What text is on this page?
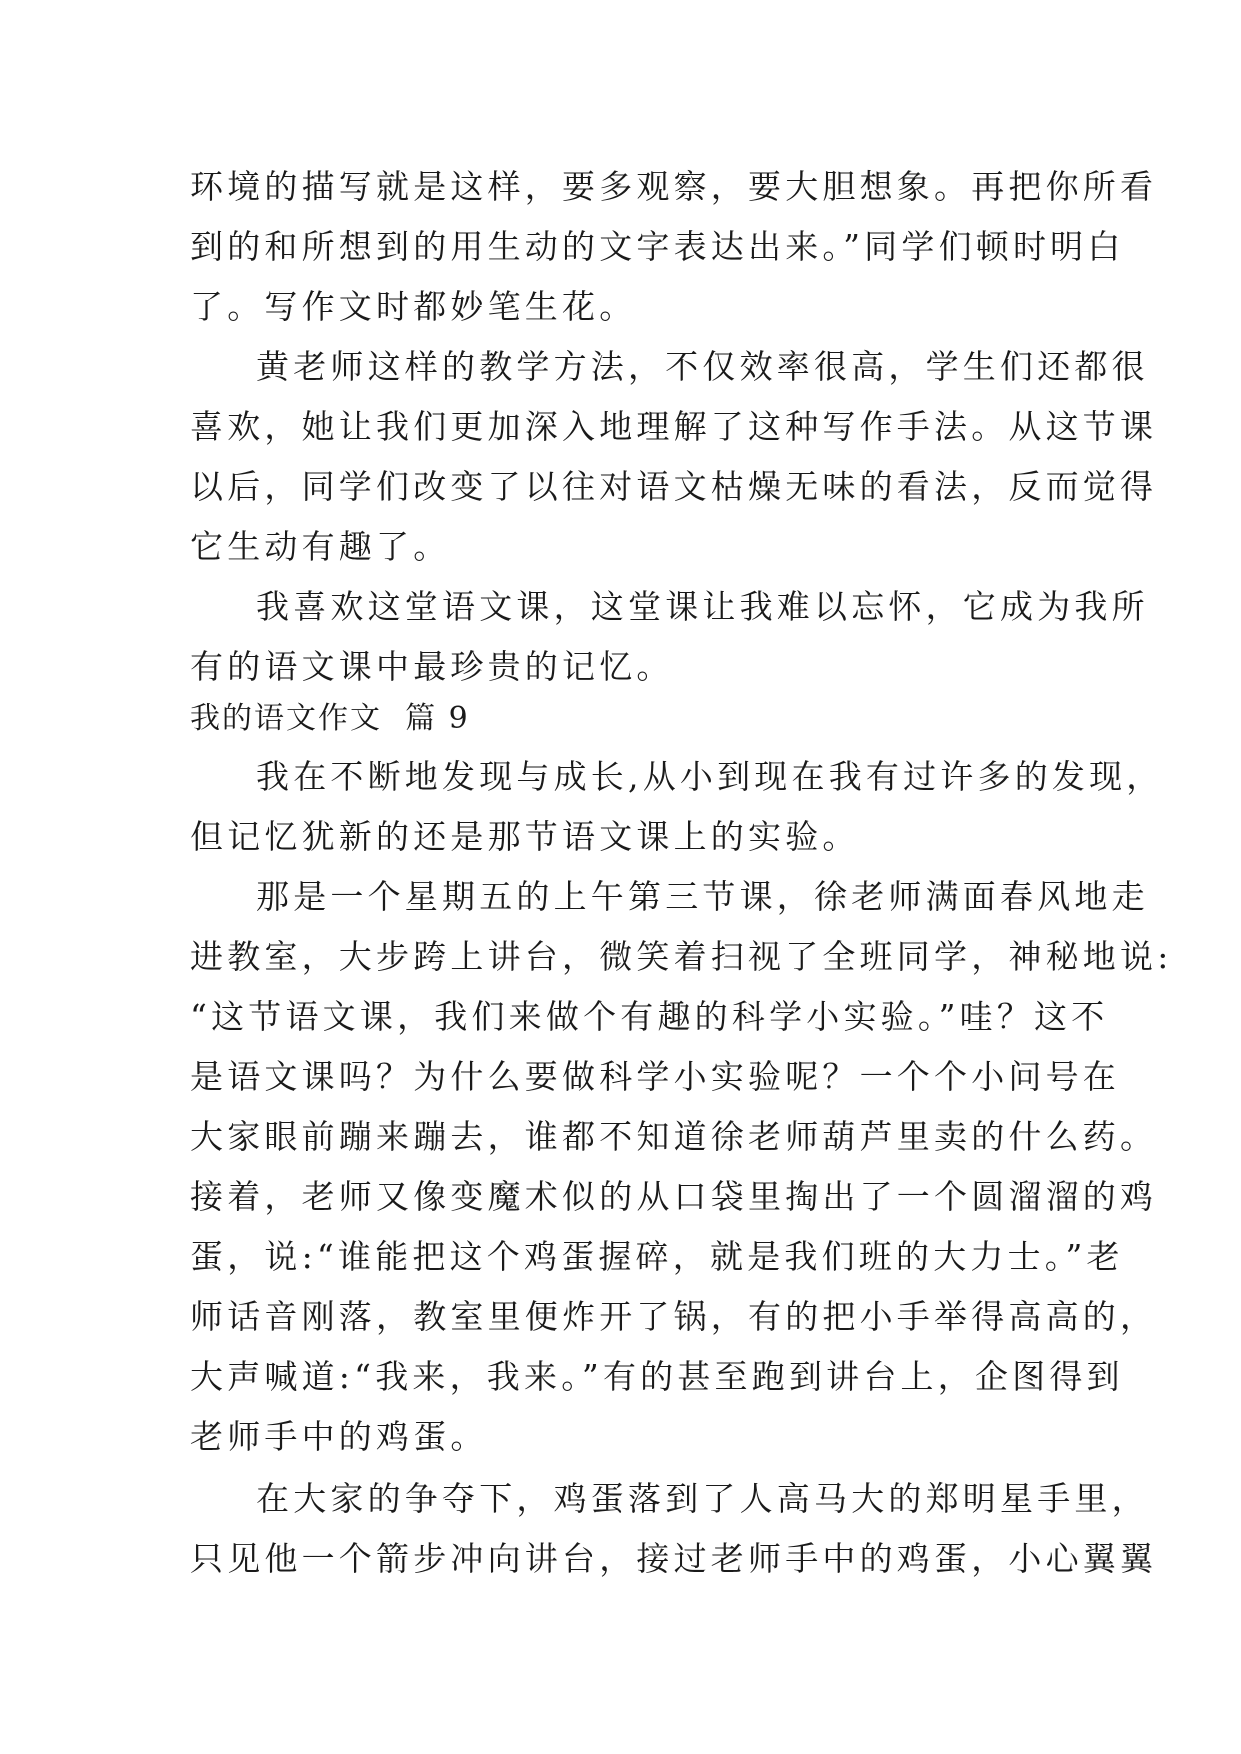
环境的描写就是这样，要多观察，要大胆想象。再把你所看

到的和所想到的用生动的文字表达出来。”同学们顿时明白

了。写作文时都妙笔生花。

黄老师这样的教学方法，不仅效率很高，学生们还都很

喜欢，她让我们更加深入地理解了这种写作手法。从这节课

以后，同学们改变了以往对语文枯燥无味的看法，反而觉得

它生动有趣了。

我喜欢这堂语文课，这堂课让我难以忘怀，它成为我所

有的语文课中最珍贵的记忆。

我的语文作文  篇 9

我在不断地发现与成长,从小到现在我有过许多的发现，

但记忆犹新的还是那节语文课上的实验。

那是一个星期五的上午第三节课，徐老师满面春风地走

进教室，大步跨上讲台，微笑着扫视了全班同学，神秘地说:

“这节语文课，我们来做个有趣的科学小实验。”哇？这不

是语文课吗？为什么要做科学小实验呢？一个个小问号在

大家眼前蹦来蹦去，谁都不知道徐老师葫芦里卖的什么药。

接着，老师又像变魔术似的从口袋里掏出了一个圆溜溜的鸡

蛋，说:“谁能把这个鸡蛋握碎，就是我们班的大力士。”老

师话音刚落，教室里便炸开了锅，有的把小手举得高高的，

大声喊道:“我来，我来。”有的甚至跑到讲台上，企图得到

老师手中的鸡蛋。

在大家的争夺下，鸡蛋落到了人高马大的郑明星手里，

只见他一个箭步冲向讲台，接过老师手中的鸡蛋，小心翼翼
